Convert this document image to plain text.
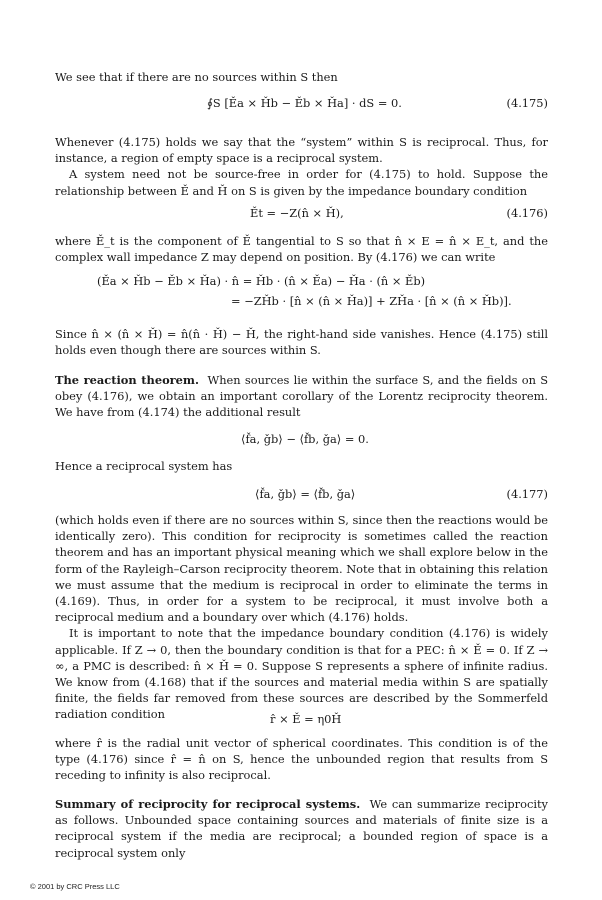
We see that if there are no sources within S then

∮S [Ěa × Ȟb − Ěb × Ȟa] · dS = 0.	(4.175)

Whenever (4.175) holds we say that the “system” within S is reciprocal. Thus, for instance, a region of empty space is a reciprocal system.

A system need not be source-free in order for (4.175) to hold. Suppose the relationship between Ě and Ȟ on S is given by the impedance boundary condition

Ět = −Z(n̂ × Ȟ),	(4.176)

where Ě_t is the component of Ě tangential to S so that n̂ × E = n̂ × E_t, and the complex wall impedance Z may depend on position. By (4.176) we can write

(Ěa × Ȟb − Ěb × Ȟa) · n̂ = Ȟb · (n̂ × Ěa) − Ȟa · (n̂ × Ěb)
= −ZȞb · [n̂ × (n̂ × Ȟa)] + ZȞa · [n̂ × (n̂ × Ȟb)].

Since n̂ × (n̂ × Ȟ) = n̂(n̂ · Ȟ) − Ȟ, the right-hand side vanishes. Hence (4.175) still holds even though there are sources within S.

The reaction theorem. When sources lie within the surface S, and the fields on S obey (4.176), we obtain an important corollary of the Lorentz reciprocity theorem. We have from (4.174) the additional result

⟨f̌a, ǧb⟩ − ⟨f̌b, ǧa⟩ = 0.

Hence a reciprocal system has

⟨f̌a, ǧb⟩ = ⟨f̌b, ǧa⟩	(4.177)

(which holds even if there are no sources within S, since then the reactions would be identically zero). This condition for reciprocity is sometimes called the reaction theorem and has an important physical meaning which we shall explore below in the form of the Rayleigh–Carson reciprocity theorem. Note that in obtaining this relation we must assume that the medium is reciprocal in order to eliminate the terms in (4.169). Thus, in order for a system to be reciprocal, it must involve both a reciprocal medium and a boundary over which (4.176) holds.

It is important to note that the impedance boundary condition (4.176) is widely applicable. If Z → 0, then the boundary condition is that for a PEC: n̂ × Ě = 0. If Z → ∞, a PMC is described: n̂ × Ȟ = 0. Suppose S represents a sphere of infinite radius. We know from (4.168) that if the sources and material media within S are spatially finite, the fields far removed from these sources are described by the Sommerfeld radiation condition	r̂ × Ě = η0Ȟ

where r̂ is the radial unit vector of spherical coordinates. This condition is of the type (4.176) since r̂ = n̂ on S, hence the unbounded region that results from S receding to infinity is also reciprocal.

Summary of reciprocity for reciprocal systems. We can summarize reciprocity as follows. Unbounded space containing sources and materials of finite size is a reciprocal system if the media are reciprocal; a bounded region of space is a reciprocal system only

© 2001 by CRC Press LLC
